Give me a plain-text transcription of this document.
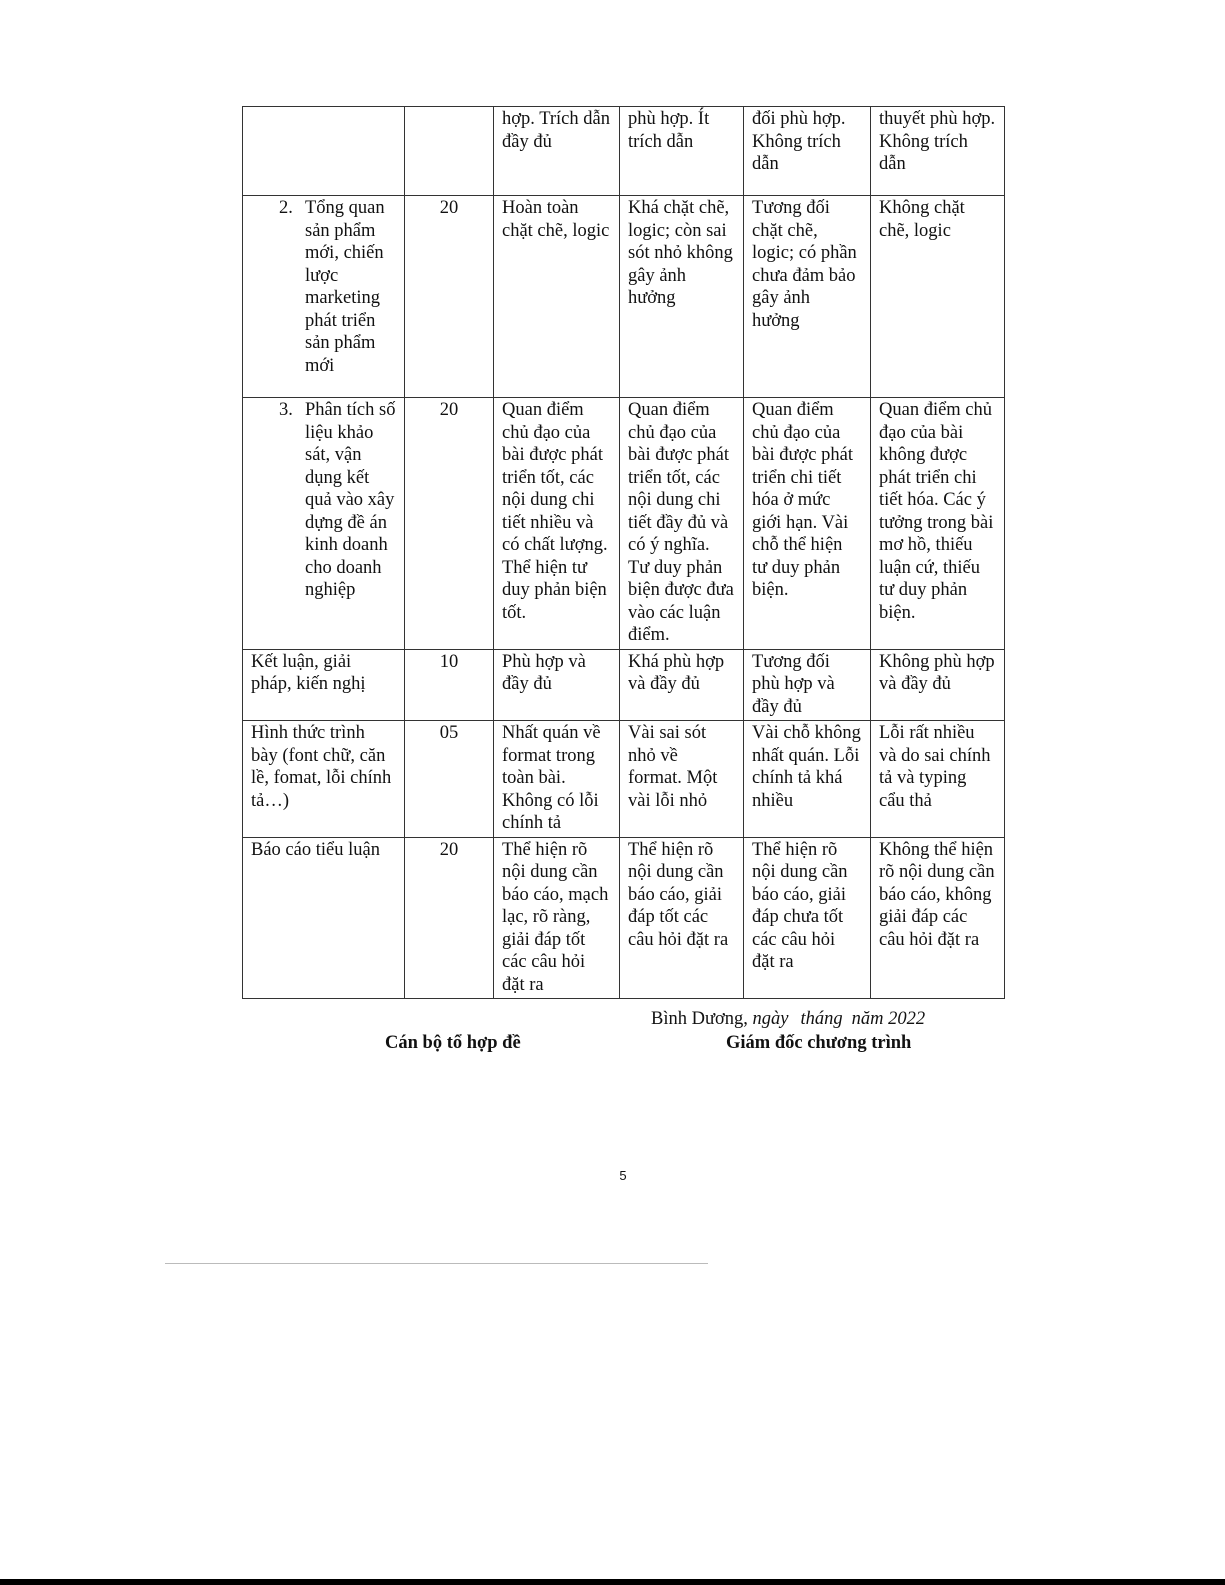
		hợp. Trích dẫn đầy đủ	phù hợp. Ít trích dẫn	đối phù hợp. Không trích dẫn	thuyết phù hợp. Không trích dẫn

2. Tổng quan sản phẩm mới, chiến lược marketing phát triển sản phẩm mới	20	Hoàn toàn chặt chẽ, logic	Khá chặt chẽ, logic; còn sai sót nhỏ không gây ảnh hưởng	Tương đối chặt chẽ, logic; có phần chưa đảm bảo gây ảnh hưởng	Không chặt chẽ, logic

3. Phân tích số liệu khảo sát, vận dụng kết quả vào xây dựng đề án kinh doanh cho doanh nghiệp	20	Quan điểm chủ đạo của bài được phát triển tốt, các nội dung chi tiết nhiều và có chất lượng. Thể hiện tư duy phản biện tốt.	Quan điểm chủ đạo của bài được phát triển tốt, các nội dung chi tiết đầy đủ và có ý nghĩa. Tư duy phản biện được đưa vào các luận điểm.	Quan điểm chủ đạo của bài được phát triển chi tiết hóa ở mức giới hạn. Vài chỗ thể hiện tư duy phản biện.	Quan điểm chủ đạo của bài không được phát triển chi tiết hóa. Các ý tưởng trong bài mơ hồ, thiếu luận cứ, thiếu tư duy phản biện.
Kết luận, giải pháp, kiến nghị	10	Phù hợp và đầy đủ	Khá phù hợp và đầy đủ	Tương đối phù hợp và đầy đủ	Không phù hợp và đầy đủ
Hình thức trình bày (font chữ, căn lề, fomat, lỗi chính tả…)	05	Nhất quán về format trong toàn bài. Không có lỗi chính tả	Vài sai sót nhỏ về format. Một vài lỗi nhỏ	Vài chỗ không nhất quán. Lỗi chính tả khá nhiều	Lỗi rất nhiều và do sai chính tả và typing cẩu thả
Báo cáo tiểu luận	20	Thể hiện rõ nội dung cần báo cáo, mạch lạc, rõ ràng, giải đáp tốt các câu hỏi đặt ra	Thể hiện rõ nội dung cần báo cáo, giải đáp tốt các câu hỏi đặt ra	Thể hiện rõ nội dung cần báo cáo, giải đáp chưa tốt các câu hỏi đặt ra	Không thể hiện rõ nội dung cần báo cáo, không giải đáp các câu hỏi đặt ra
Bình Dương, ngày tháng năm 2022
Cán bộ tổ hợp đề	Giám đốc chương trình
5
